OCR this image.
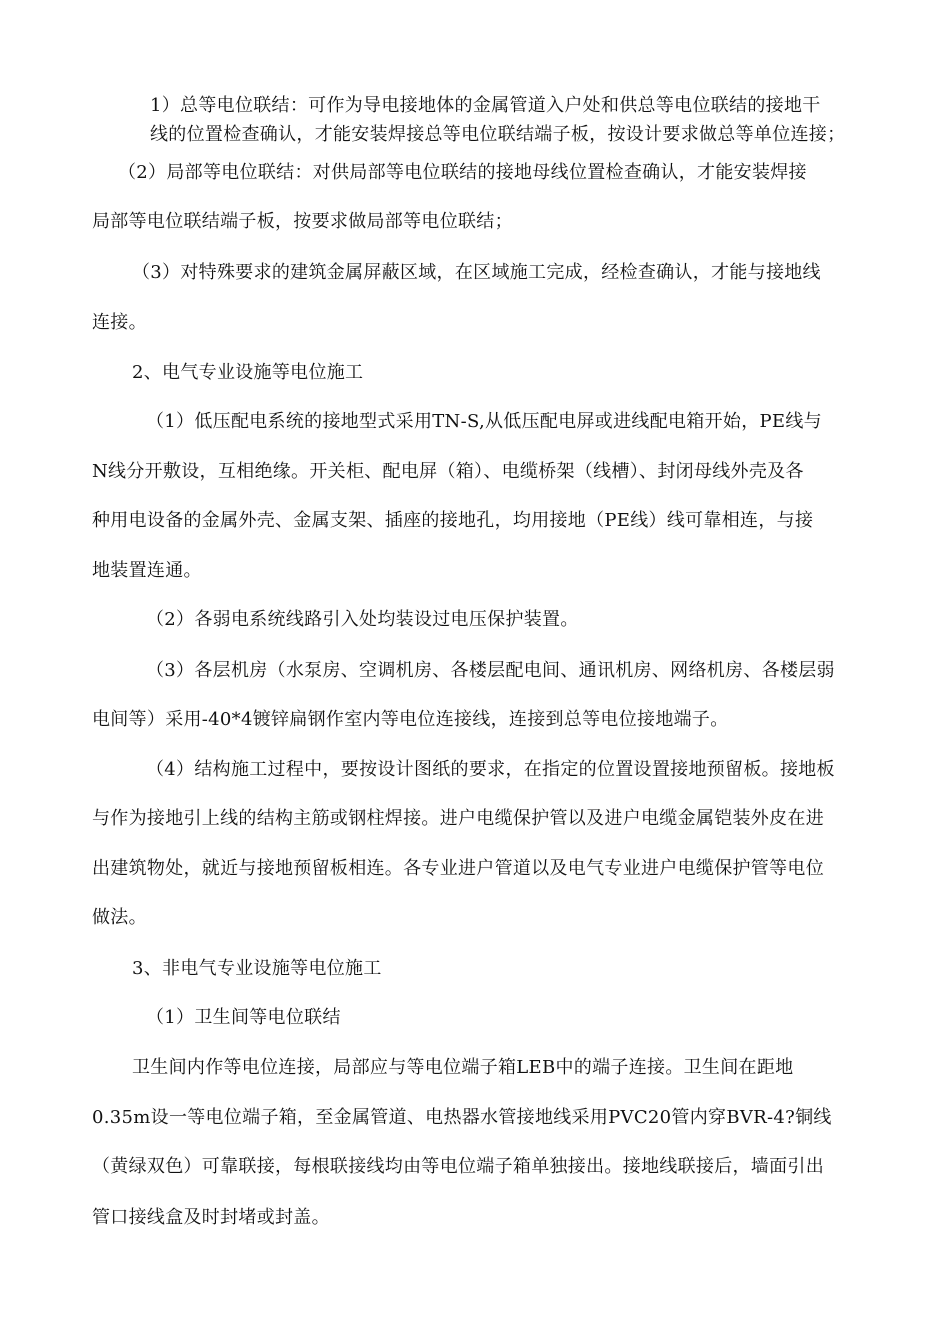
1）总等电位联结：可作为导电接地体的金属管道入户处和供总等电位联结的接地干
线的位置检查确认，才能安装焊接总等电位联结端子板，按设计要求做总等单位连接；
（2）局部等电位联结：对供局部等电位联结的接地母线位置检查确认，才能安装焊接
局部等电位联结端子板，按要求做局部等电位联结；
（3）对特殊要求的建筑金属屏蔽区域，在区域施工完成，经检查确认，才能与接地线
连接。
2、电气专业设施等电位施工
（1）低压配电系统的接地型式采用TN-S,从低压配电屏或进线配电箱开始，PE线与
N线分开敷设，互相绝缘。开关柜、配电屏（箱）、电缆桥架（线槽）、封闭母线外壳及各
种用电设备的金属外壳、金属支架、插座的接地孔，均用接地（PE线）线可靠相连，与接
地装置连通。
（2）各弱电系统线路引入处均装设过电压保护装置。
（3）各层机房（水泵房、空调机房、各楼层配电间、通讯机房、网络机房、各楼层弱
电间等）采用-40*4镀锌扁钢作室内等电位连接线，连接到总等电位接地端子。
（4）结构施工过程中，要按设计图纸的要求，在指定的位置设置接地预留板。接地板
与作为接地引上线的结构主筋或钢柱焊接。进户电缆保护管以及进户电缆金属铠装外皮在进
出建筑物处，就近与接地预留板相连。各专业进户管道以及电气专业进户电缆保护管等电位
做法。
3、非电气专业设施等电位施工
（1）卫生间等电位联结
卫生间内作等电位连接，局部应与等电位端子箱LEB中的端子连接。卫生间在距地
0.35m设一等电位端子箱，至金属管道、电热器水管接地线采用PVC20管内穿BVR-4?铜线
（黄绿双色）可靠联接，每根联接线均由等电位端子箱单独接出。接地线联接后，墙面引出
管口接线盒及时封堵或封盖。
